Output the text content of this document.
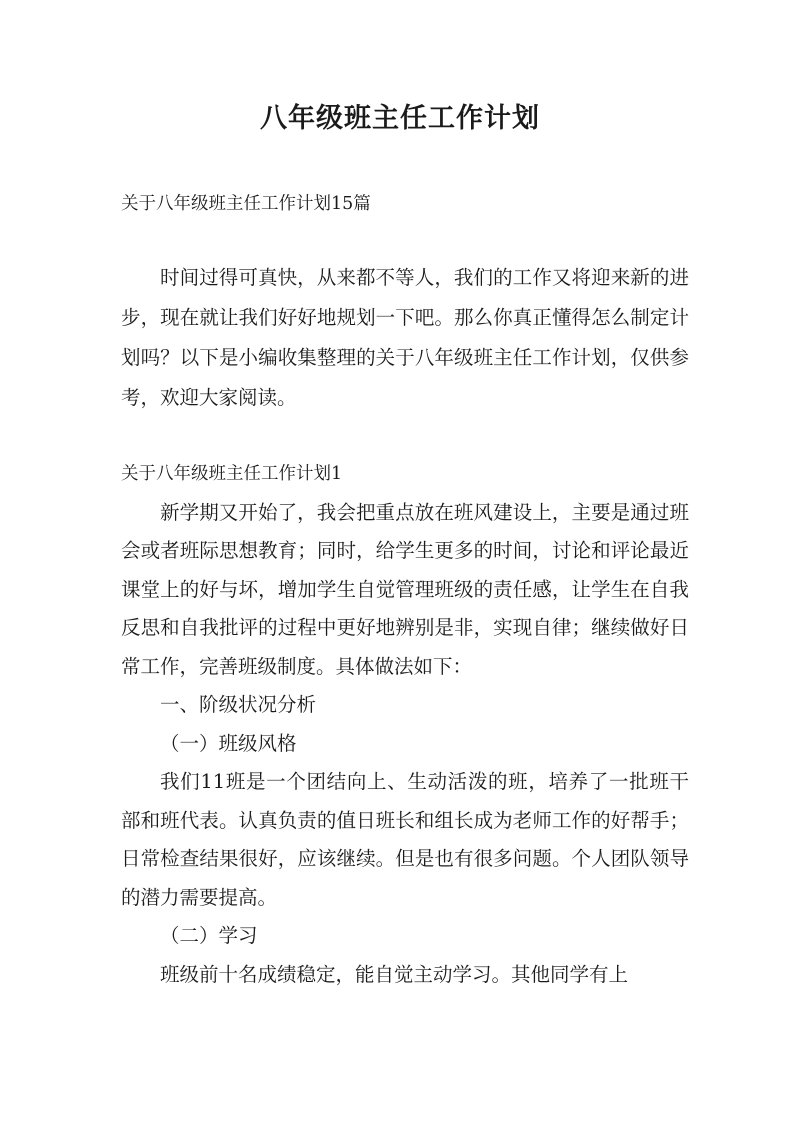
八年级班主任工作计划

关于八年级班主任工作计划15篇

时间过得可真快，从来都不等人，我们的工作又将迎来新的进步，现在就让我们好好地规划一下吧。那么你真正懂得怎么制定计划吗？以下是小编收集整理的关于八年级班主任工作计划，仅供参考，欢迎大家阅读。

关于八年级班主任工作计划1

新学期又开始了，我会把重点放在班风建设上，主要是通过班会或者班际思想教育；同时，给学生更多的时间，讨论和评论最近课堂上的好与坏，增加学生自觉管理班级的责任感，让学生在自我反思和自我批评的过程中更好地辨别是非，实现自律；继续做好日常工作，完善班级制度。具体做法如下：

一、阶级状况分析

（一）班级风格

我们11班是一个团结向上、生动活泼的班，培养了一批班干部和班代表。认真负责的值日班长和组长成为老师工作的好帮手；日常检查结果很好，应该继续。但是也有很多问题。个人团队领导的潜力需要提高。

（二）学习

班级前十名成绩稳定，能自觉主动学习。其他同学有上
